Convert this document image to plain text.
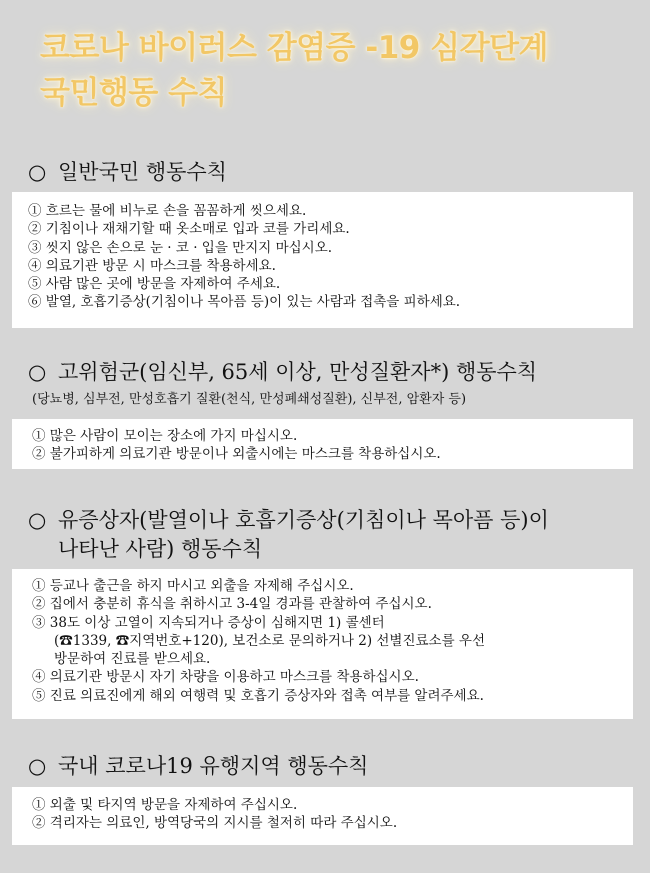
코로나 바이러스 감염증 -19 심각단계
국민행동 수칙
○ 일반국민 행동수칙
① 흐르는 물에 비누로 손을 꼼꼼하게 씻으세요.
② 기침이나 재채기할 때 옷소매로 입과 코를 가리세요.
③ 씻지 않은 손으로 눈 · 코 · 입을 만지지 마십시오.
④ 의료기관 방문 시 마스크를 착용하세요.
⑤ 사람 많은 곳에 방문을 자제하여 주세요.
⑥ 발열, 호흡기증상(기침이나 목아픔 등)이 있는 사람과 접촉을 피하세요.
○ 고위험군(임신부, 65세 이상, 만성질환자*) 행동수칙
(당뇨병, 심부전, 만성호흡기 질환(천식, 만성폐쇄성질환), 신부전, 암환자 등)
① 많은 사람이 모이는 장소에 가지 마십시오.
② 불가피하게 의료기관 방문이나 외출시에는 마스크를 착용하십시오.
○ 유증상자(발열이나 호흡기증상(기침이나 목아픔 등)이
나타난 사람) 행동수칙
① 등교나 출근을 하지 마시고 외출을 자제해 주십시오.
② 집에서 충분히 휴식을 취하시고 3-4일 경과를 관찰하여 주십시오.
③ 38도 이상 고열이 지속되거나 증상이 심해지면 1) 콜센터
(☎1339, ☎지역번호+120), 보건소로 문의하거나 2) 선별진료소를 우선
방문하여 진료를 받으세요.
④ 의료기관 방문시 자기 차량을 이용하고 마스크를 착용하십시오.
⑤ 진료 의료진에게 해외 여행력 및 호흡기 증상자와 접촉 여부를 알려주세요.
○ 국내 코로나19 유행지역 행동수칙
① 외출 및 타지역 방문을 자제하여 주십시오.
② 격리자는 의료인, 방역당국의 지시를 철저히 따라 주십시오.
